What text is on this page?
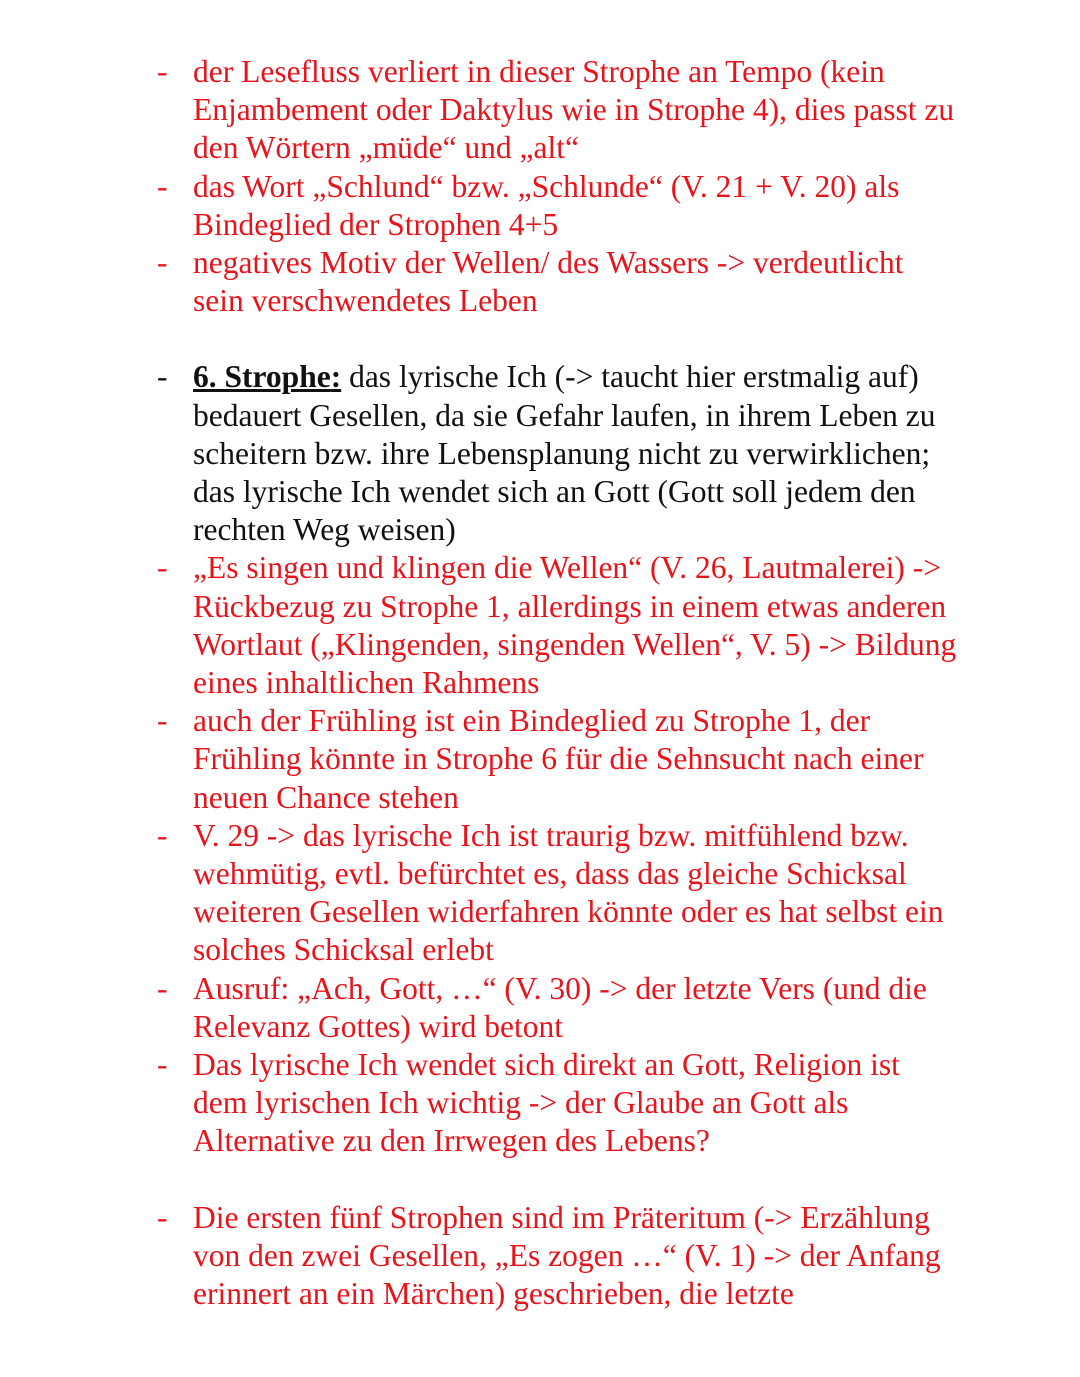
- der Lesefluss verliert in dieser Strophe an Tempo (kein Enjambement oder Daktylus wie in Strophe 4), dies passt zu den Wörtern „müde“ und „alt“
- das Wort „Schlund“ bzw. „Schlunde“ (V. 21 + V. 20) als Bindeglied der Strophen 4+5
- negatives Motiv der Wellen/ des Wassers -> verdeutlicht sein verschwendetes Leben
- 6. Strophe: das lyrische Ich (-> taucht hier erstmalig auf) bedauert Gesellen, da sie Gefahr laufen, in ihrem Leben zu scheitern bzw. ihre Lebensplanung nicht zu verwirklichen; das lyrische Ich wendet sich an Gott (Gott soll jedem den rechten Weg weisen)
- „Es singen und klingen die Wellen“ (V. 26, Lautmalerei) -> Rückbezug zu Strophe 1, allerdings in einem etwas anderen Wortlaut („Klingenden, singenden Wellen“, V. 5) -> Bildung eines inhaltlichen Rahmens
- auch der Frühling ist ein Bindeglied zu Strophe 1, der Frühling könnte in Strophe 6 für die Sehnsucht nach einer neuen Chance stehen
- V. 29 -> das lyrische Ich ist traurig bzw. mitfühlend bzw. wehmütig, evtl. befürchtet es, dass das gleiche Schicksal weiteren Gesellen widerfahren könnte oder es hat selbst ein solches Schicksal erlebt
- Ausruf: „Ach, Gott, …“ (V. 30) -> der letzte Vers (und die Relevanz Gottes) wird betont
- Das lyrische Ich wendet sich direkt an Gott, Religion ist dem lyrischen Ich wichtig -> der Glaube an Gott als Alternative zu den Irrwegen des Lebens?
- Die ersten fünf Strophen sind im Präteritum (-> Erzählung von den zwei Gesellen, „Es zogen …“ (V. 1) -> der Anfang erinnert an ein Märchen) geschrieben, die letzte
